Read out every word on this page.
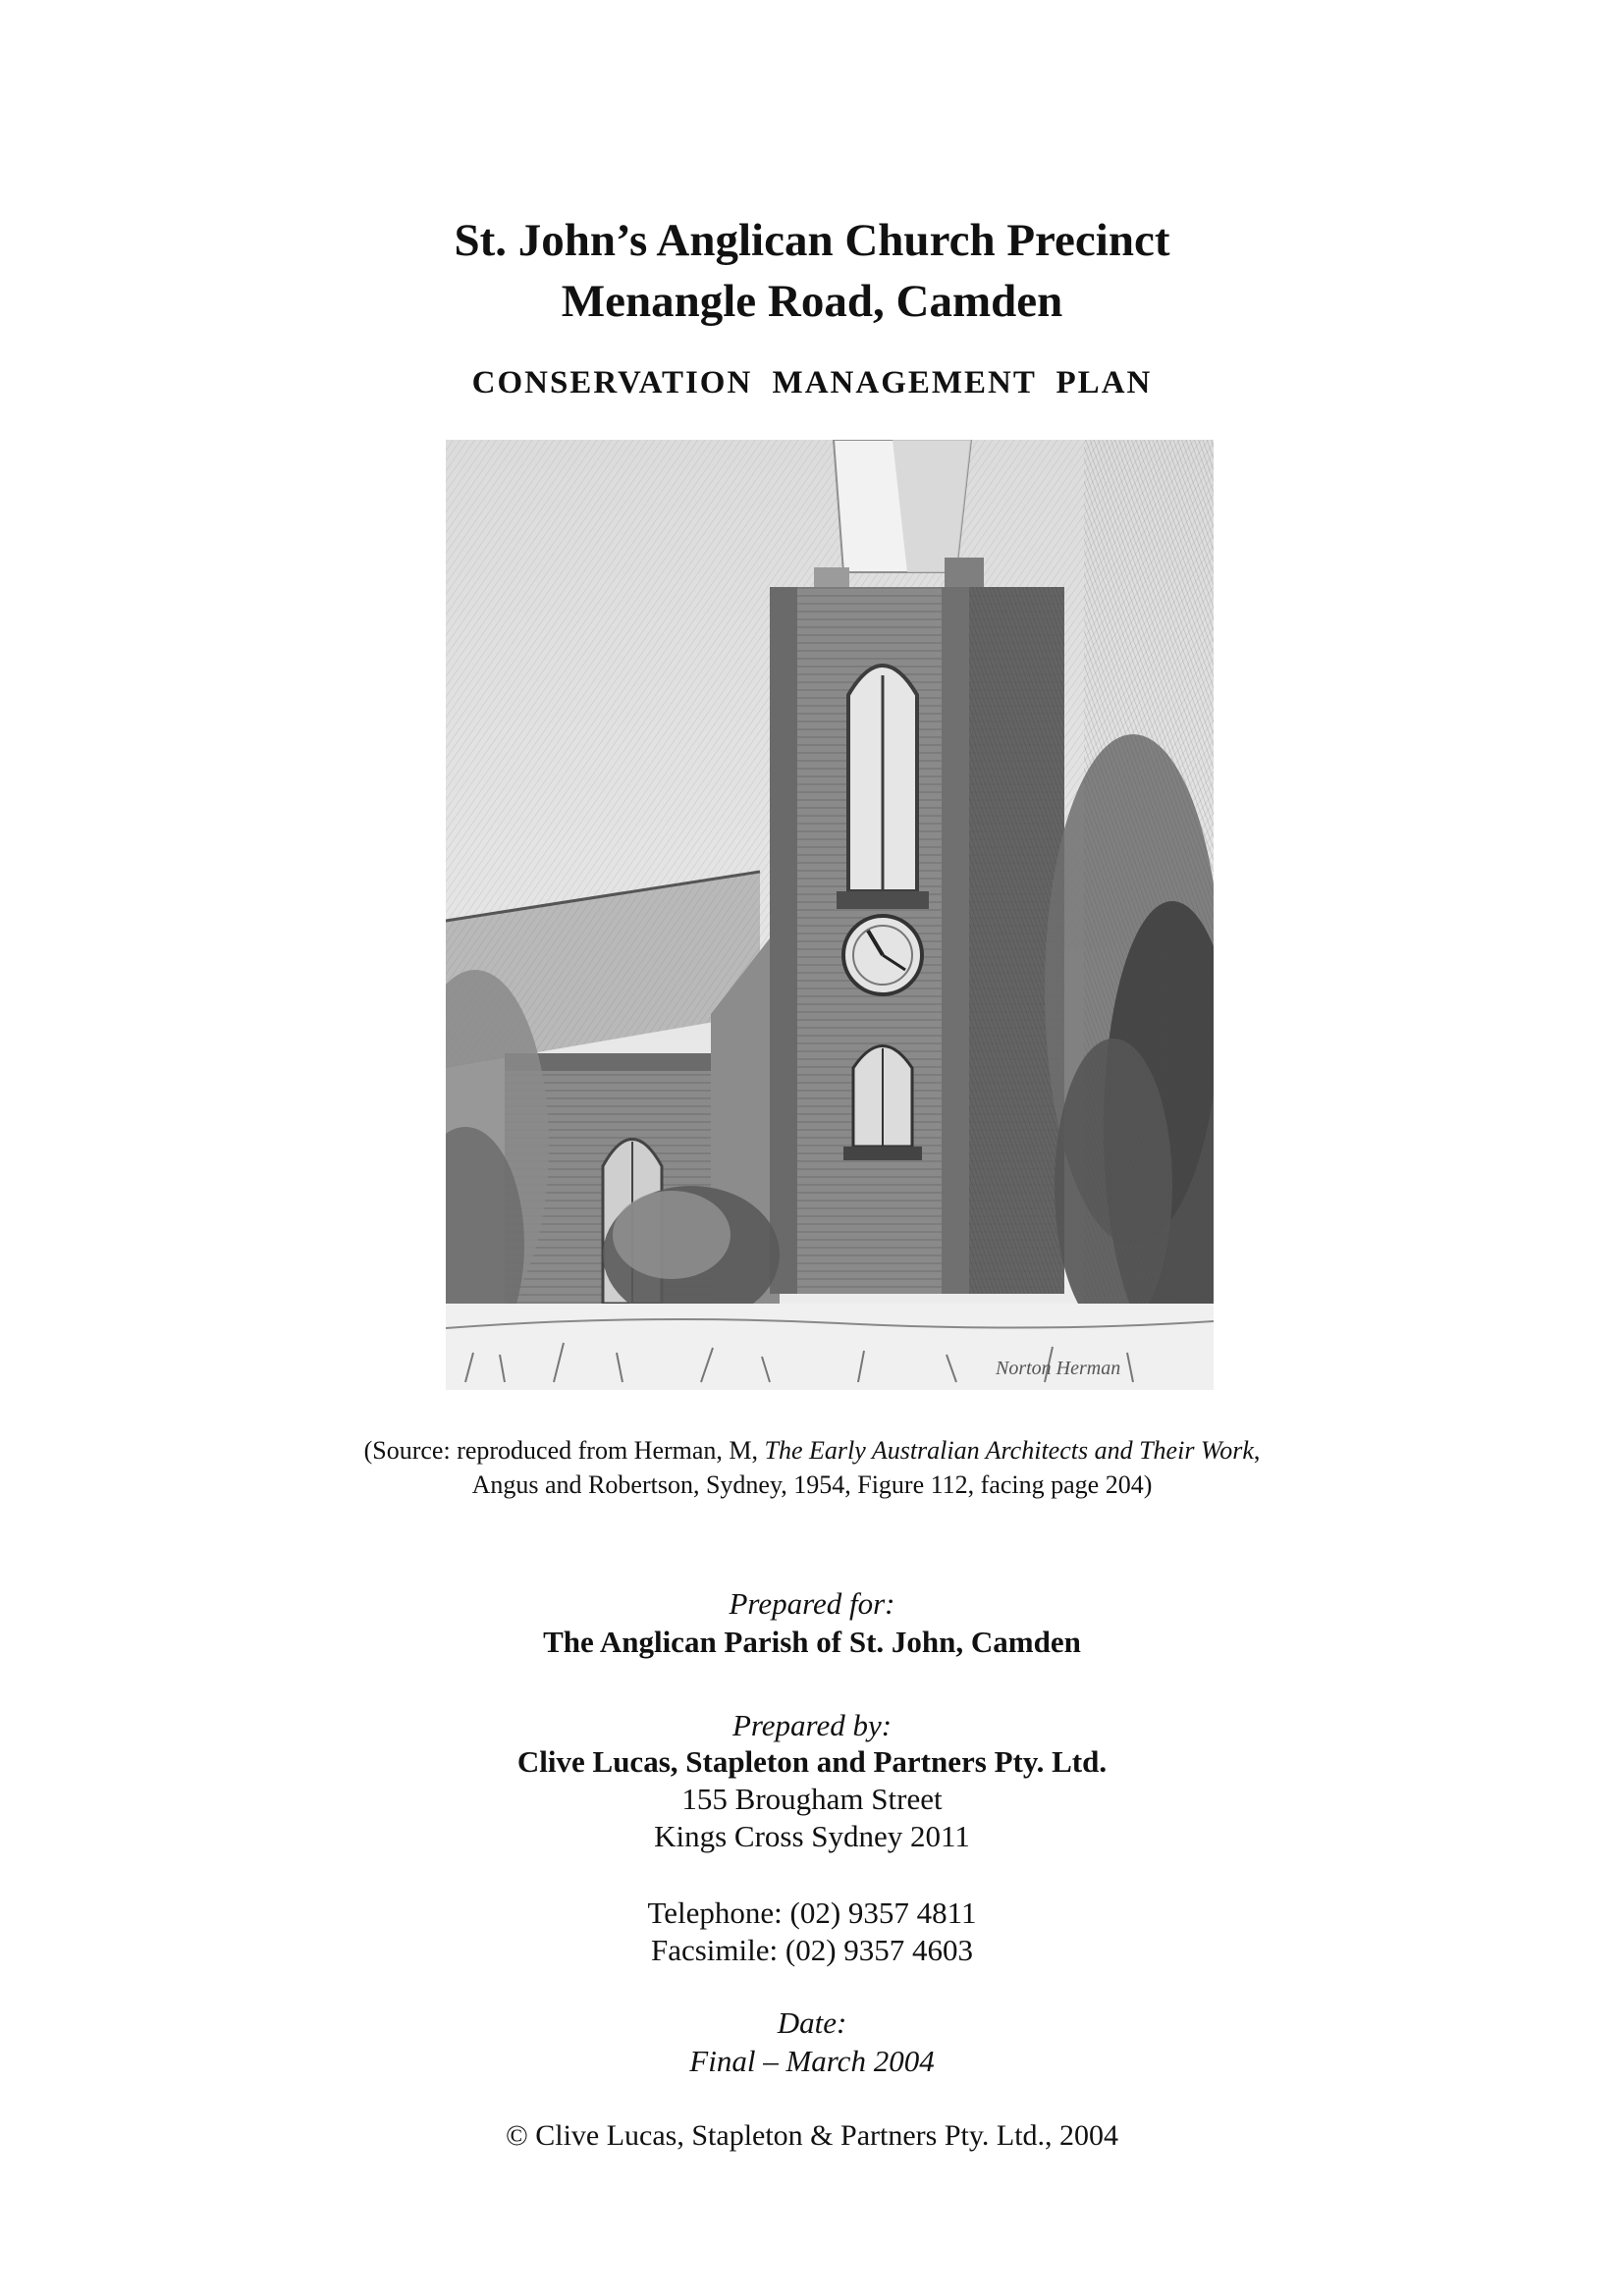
St. John’s Anglican Church Precinct
Menangle Road, Camden
CONSERVATION MANAGEMENT PLAN
Norton Herman
(Source: reproduced from Herman, M, The Early Australian Architects and Their Work,
Angus and Robertson, Sydney, 1954, Figure 112, facing page 204)
Prepared for:
The Anglican Parish of St. John, Camden
Prepared by:
Clive Lucas, Stapleton and Partners Pty. Ltd.
155 Brougham Street
Kings Cross Sydney 2011
Telephone: (02) 9357 4811
Facsimile: (02) 9357 4603
Date:
Final – March 2004
© Clive Lucas, Stapleton & Partners Pty. Ltd., 2004
